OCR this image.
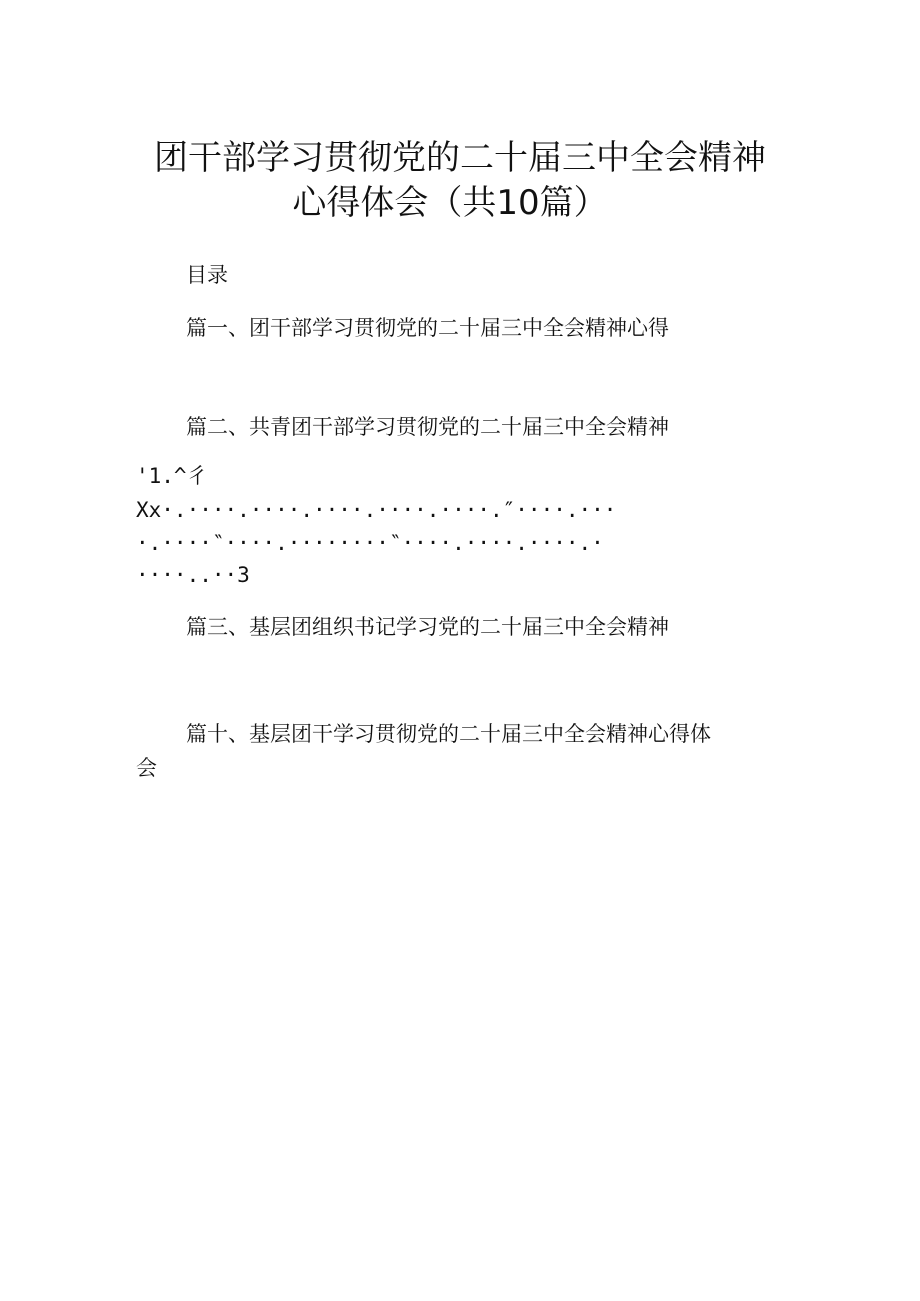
团干部学习贯彻党的二十届三中全会精神
心得体会（共10篇）
目录
篇一、团干部学习贯彻党的二十届三中全会精神心得
篇二、共青团干部学习贯彻党的二十届三中全会精神
'1.^彳
Xx·.····.····.····.····.····.″····.···
·.····‶····.········‶····.····.····.·
····..··3
篇三、基层团组织书记学习党的二十届三中全会精神
篇十、基层团干学习贯彻党的二十届三中全会精神心得体
会
